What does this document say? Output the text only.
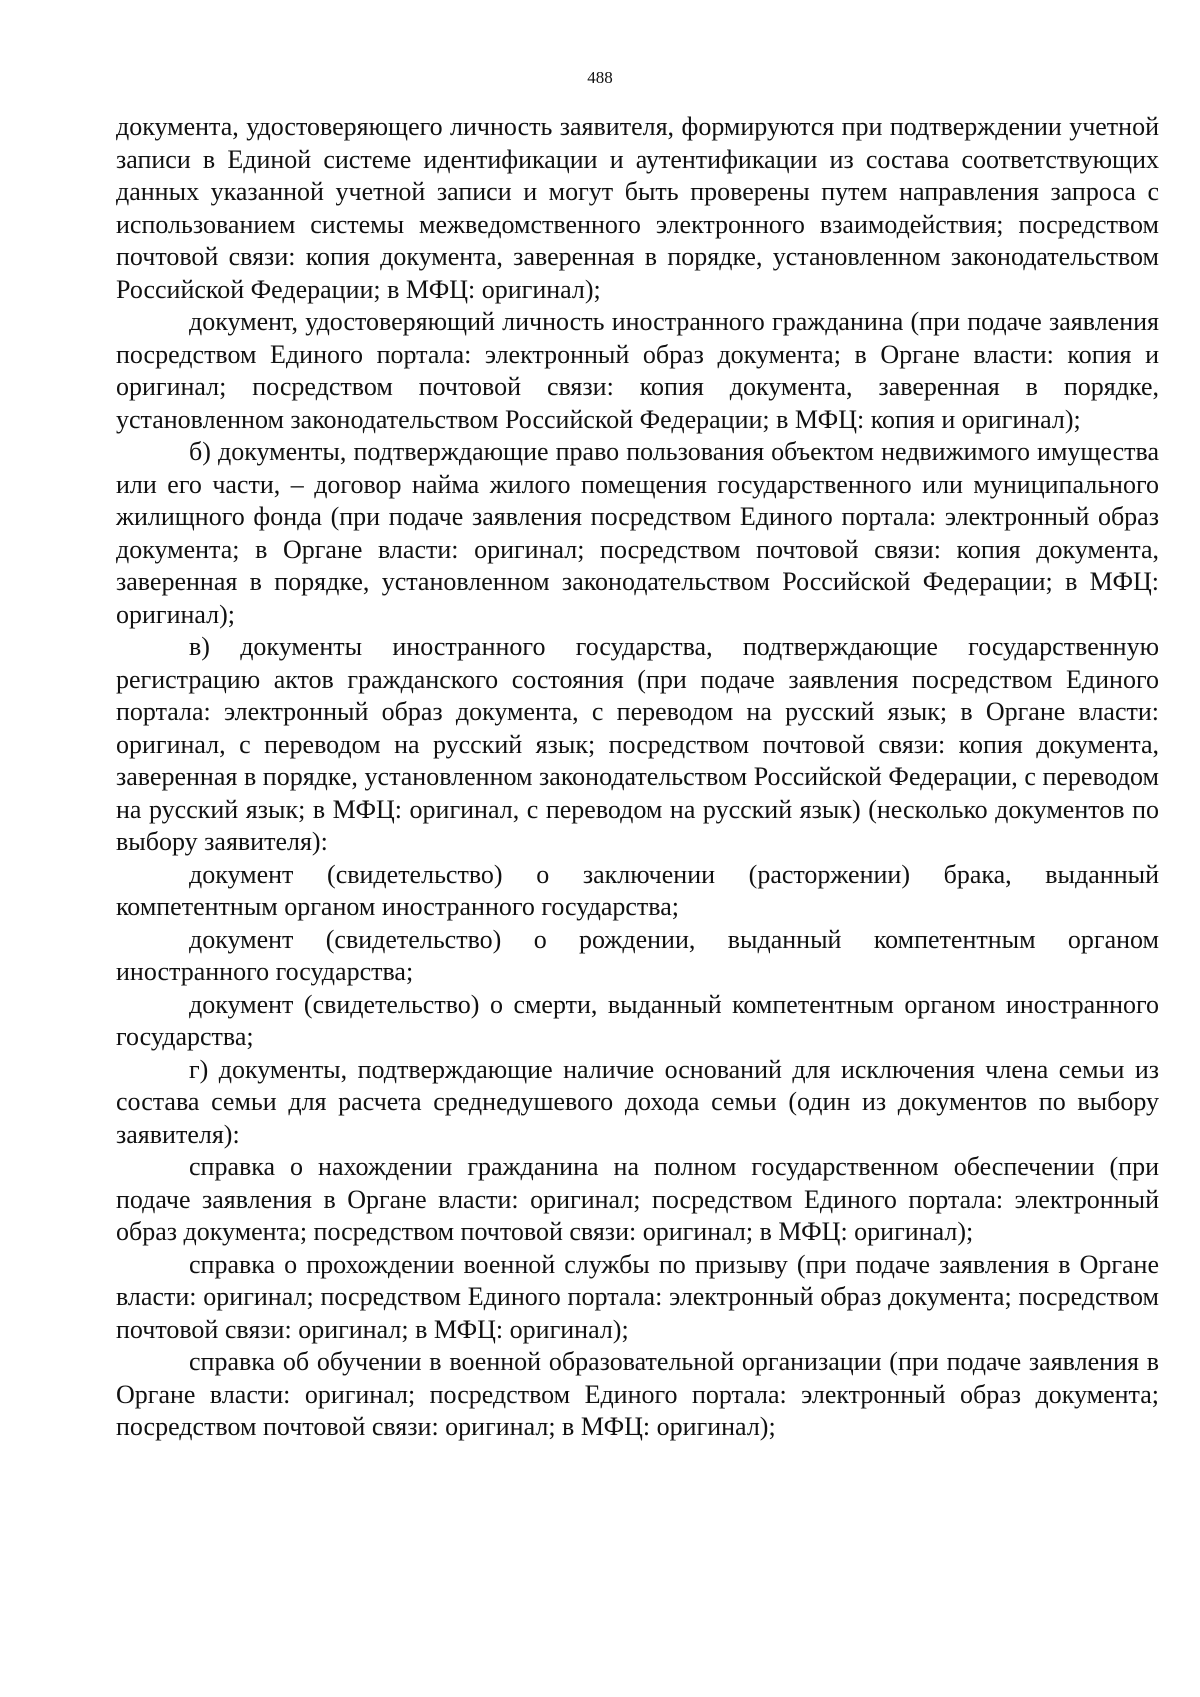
488

документа, удостоверяющего личность заявителя, формируются при подтверждении учетной записи в Единой системе идентификации и аутентификации из состава соответствующих данных указанной учетной записи и могут быть проверены путем направления запроса с использованием системы межведомственного электронного взаимодействия; посредством почтовой связи: копия документа, заверенная в порядке, установленном законодательством Российской Федерации; в МФЦ: оригинал);

документ, удостоверяющий личность иностранного гражданина (при подаче заявления посредством Единого портала: электронный образ документа; в Органе власти: копия и оригинал; посредством почтовой связи: копия документа, заверенная в порядке, установленном законодательством Российской Федерации; в МФЦ: копия и оригинал);

б) документы, подтверждающие право пользования объектом недвижимого имущества или его части, – договор найма жилого помещения государственного или муниципального жилищного фонда (при подаче заявления посредством Единого портала: электронный образ документа; в Органе власти: оригинал; посредством почтовой связи: копия документа, заверенная в порядке, установленном законодательством Российской Федерации; в МФЦ: оригинал);

в) документы иностранного государства, подтверждающие государственную регистрацию актов гражданского состояния (при подаче заявления посредством Единого портала: электронный образ документа, с переводом на русский язык; в Органе власти: оригинал, с переводом на русский язык; посредством почтовой связи: копия документа, заверенная в порядке, установленном законодательством Российской Федерации, с переводом на русский язык; в МФЦ: оригинал, с переводом на русский язык) (несколько документов по выбору заявителя):

документ (свидетельство) о заключении (расторжении) брака, выданный компетентным органом иностранного государства;

документ (свидетельство) о рождении, выданный компетентным органом иностранного государства;

документ (свидетельство) о смерти, выданный компетентным органом иностранного государства;

г) документы, подтверждающие наличие оснований для исключения члена семьи из состава семьи для расчета среднедушевого дохода семьи (один из документов по выбору заявителя):

справка о нахождении гражданина на полном государственном обеспечении (при подаче заявления в Органе власти: оригинал; посредством Единого портала: электронный образ документа; посредством почтовой связи: оригинал; в МФЦ: оригинал);

справка о прохождении военной службы по призыву (при подаче заявления в Органе власти: оригинал; посредством Единого портала: электронный образ документа; посредством почтовой связи: оригинал; в МФЦ: оригинал);

справка об обучении в военной образовательной организации (при подаче заявления в Органе власти: оригинал; посредством Единого портала: электронный образ документа; посредством почтовой связи: оригинал; в МФЦ: оригинал);
